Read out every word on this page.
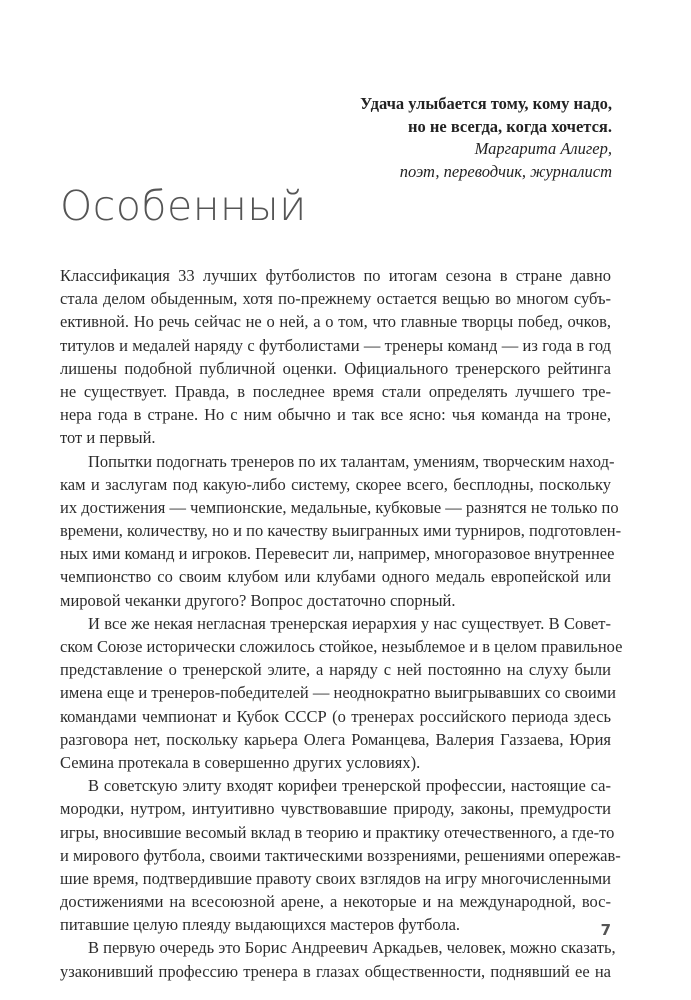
Удача улыбается тому, кому надо,
но не всегда, когда хочется.
Маргарита Алигер,
поэт, переводчик, журналист
Особенный
Классификация 33 лучших футболистов по итогам сезона в стране давно
стала делом обыденным, хотя по-прежнему остается вещью во многом субъ-
ективной. Но речь сейчас не о ней, а о том, что главные творцы побед, очков,
титулов и медалей наряду с футболистами — тренеры команд — из года в год
лишены подобной публичной оценки. Официального тренерского рейтинга
не существует. Правда, в последнее время стали определять лучшего тре-
нера года в стране. Но с ним обычно и так все ясно: чья команда на троне,
тот и первый.
Попытки подогнать тренеров по их талантам, умениям, творческим наход-
кам и заслугам под какую-либо систему, скорее всего, бесплодны, поскольку
их достижения — чемпионские, медальные, кубковые — разнятся не только по
времени, количеству, но и по качеству выигранных ими турниров, подготовлен-
ных ими команд и игроков. Перевесит ли, например, многоразовое внутреннее
чемпионство со своим клубом или клубами одного медаль европейской или
мировой чеканки другого? Вопрос достаточно спорный.
И все же некая негласная тренерская иерархия у нас существует. В Совет-
ском Союзе исторически сложилось стойкое, незыблемое и в целом правильное
представление о тренерской элите, а наряду с ней постоянно на слуху были
имена еще и тренеров-победителей — неоднократно выигрывавших со своими
командами чемпионат и Кубок СССР (о тренерах российского периода здесь
разговора нет, поскольку карьера Олега Романцева, Валерия Газзаева, Юрия
Семина протекала в совершенно других условиях).
В советскую элиту входят корифеи тренерской профессии, настоящие са-
мородки, нутром, интуитивно чувствовавшие природу, законы, премудрости
игры, вносившие весомый вклад в теорию и практику отечественного, а где-то
и мирового футбола, своими тактическими воззрениями, решениями опережав-
шие время, подтвердившие правоту своих взглядов на игру многочисленными
достижениями на всесоюзной арене, а некоторые и на международной, вос-
питавшие целую плеяду выдающихся мастеров футбола.
В первую очередь это Борис Андреевич Аркадьев, человек, можно сказать,
узаконивший профессию тренера в глазах общественности, поднявший ее на
7
